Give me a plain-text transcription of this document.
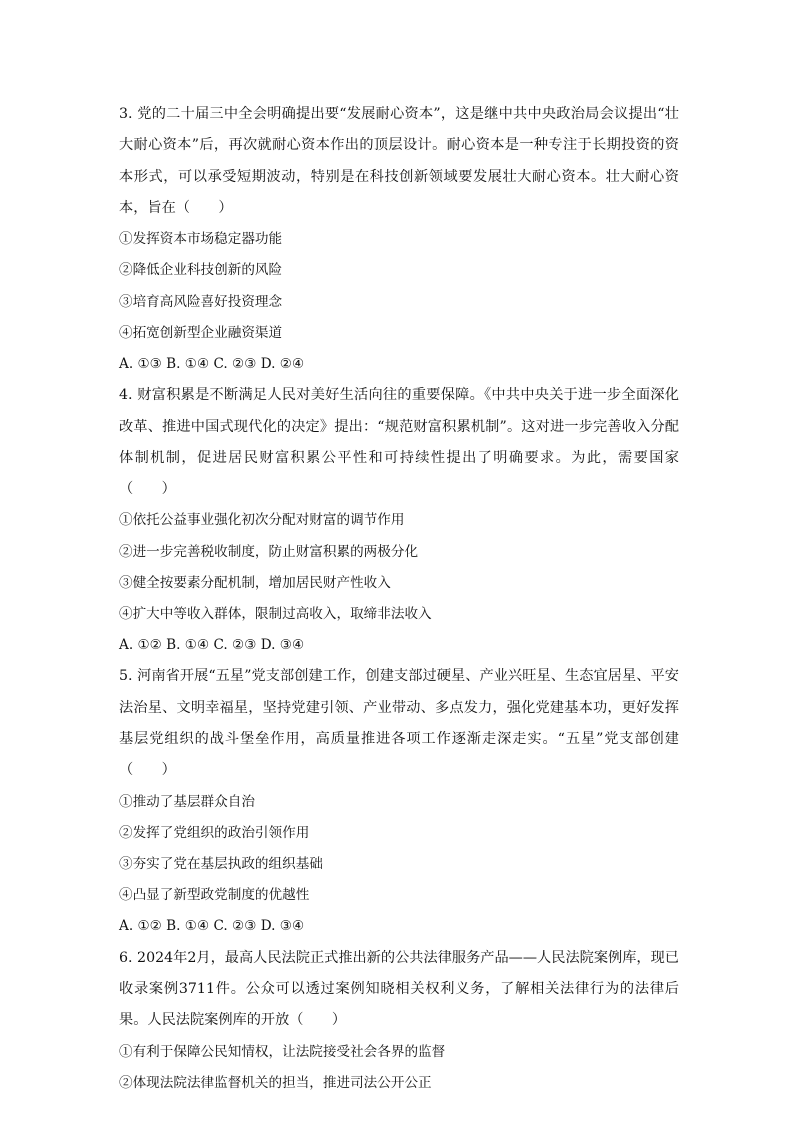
3. 党的二十届三中全会明确提出要“发展耐心资本”，这是继中共中央政治局会议提出“壮大耐心资本”后，再次就耐心资本作出的顶层设计。耐心资本是一种专注于长期投资的资本形式，可以承受短期波动，特别是在科技创新领域要发展壮大耐心资本。壮大耐心资本，旨在（　　）

①发挥资本市场稳定器功能

②降低企业科技创新的风险

③培育高风险喜好投资理念

④拓宽创新型企业融资渠道

A. ①③ B. ①④ C. ②③ D. ②④

4. 财富积累是不断满足人民对美好生活向往的重要保障。《中共中央关于进一步全面深化改革、推进中国式现代化的决定》提出：“规范财富积累机制”。这对进一步完善收入分配体制机制，促进居民财富积累公平性和可持续性提出了明确要求。为此，需要国家（　　）

①依托公益事业强化初次分配对财富的调节作用

②进一步完善税收制度，防止财富积累的两极分化

③健全按要素分配机制，增加居民财产性收入

④扩大中等收入群体，限制过高收入，取缔非法收入

A. ①② B. ①④ C. ②③ D. ③④

5. 河南省开展“五星”党支部创建工作，创建支部过硬星、产业兴旺星、生态宜居星、平安法治星、文明幸福星，坚持党建引领、产业带动、多点发力，强化党建基本功，更好发挥基层党组织的战斗堡垒作用，高质量推进各项工作逐渐走深走实。“五星”党支部创建（　　）

①推动了基层群众自治

②发挥了党组织的政治引领作用

③夯实了党在基层执政的组织基础

④凸显了新型政党制度的优越性

A. ①② B. ①④ C. ②③ D. ③④

6. 2024年2月，最高人民法院正式推出新的公共法律服务产品——人民法院案例库，现已收录案例3711件。公众可以透过案例知晓相关权利义务，了解相关法律行为的法律后果。人民法院案例库的开放（　　）

①有利于保障公民知情权，让法院接受社会各界的监督

②体现法院法律监督机关的担当，推进司法公开公正
